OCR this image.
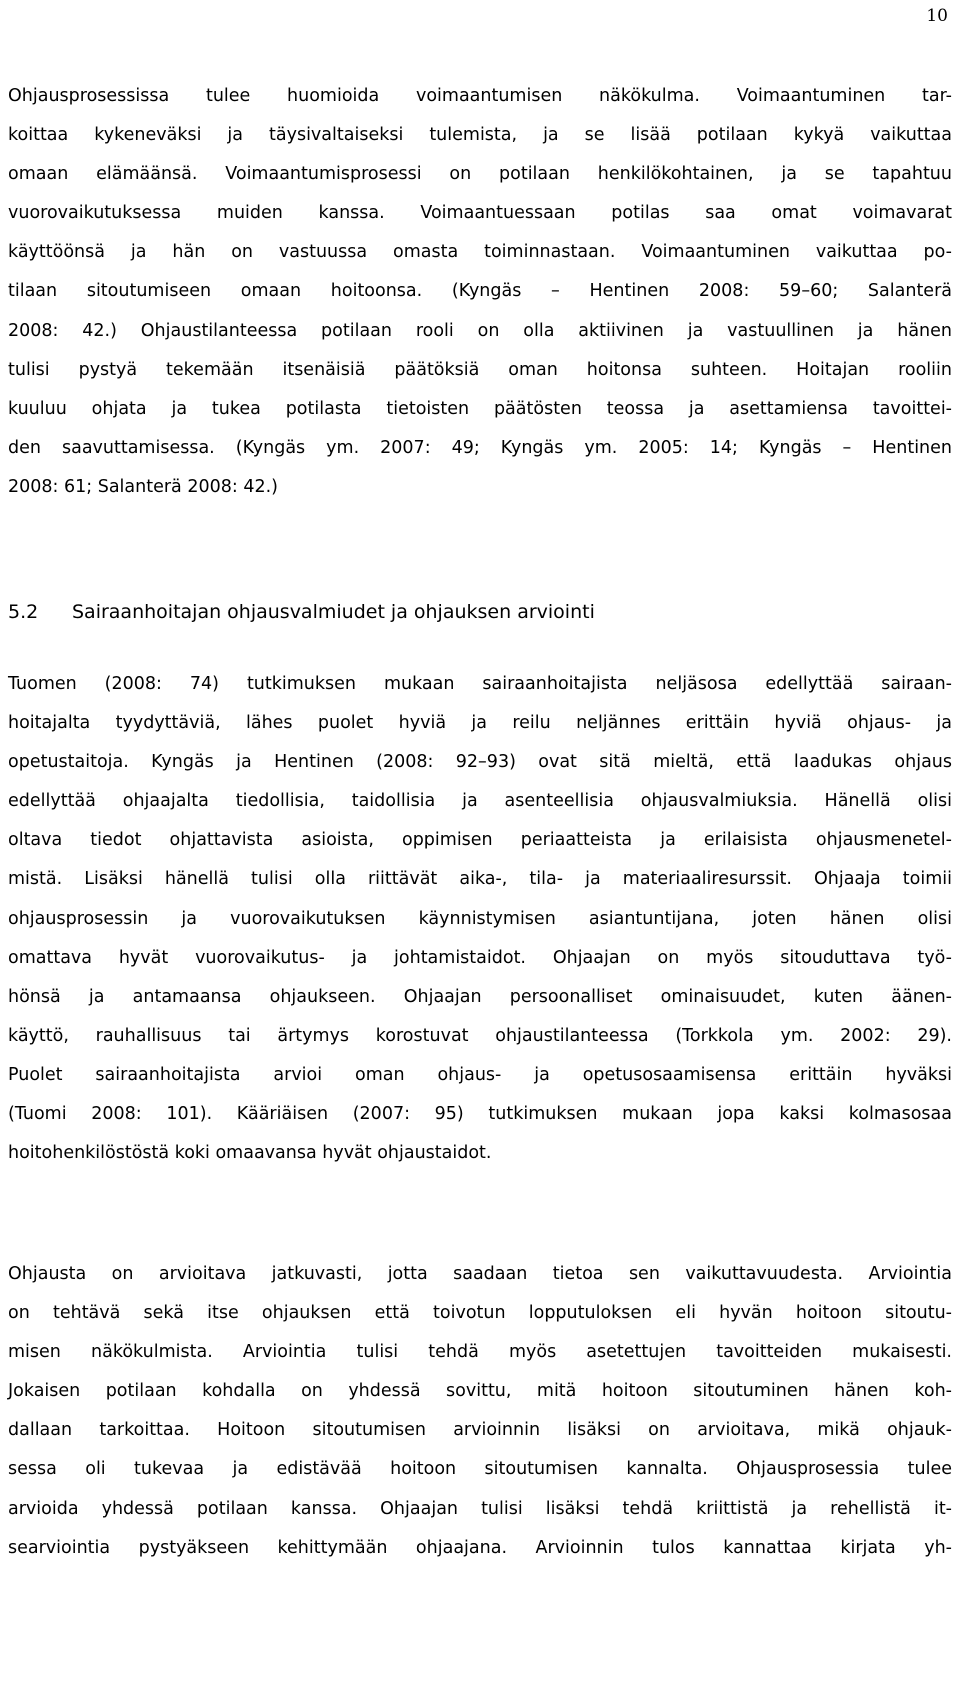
10
Ohjausprosessissa tulee huomioida voimaantumisen näkökulma. Voimaantuminen tar-
koittaa kykeneväksi ja täysivaltaiseksi tulemista, ja se lisää potilaan kykyä vaikuttaa
omaan elämäänsä. Voimaantumisprosessi on potilaan henkilökohtainen, ja se tapahtuu
vuorovaikutuksessa muiden kanssa. Voimaantuessaan potilas saa omat voimavarat
käyttöönsä ja hän on vastuussa omasta toiminnastaan. Voimaantuminen vaikuttaa po-
tilaan sitoutumiseen omaan hoitoonsa. (Kyngäs – Hentinen 2008: 59–60; Salanterä
2008: 42.) Ohjaustilanteessa potilaan rooli on olla aktiivinen ja vastuullinen ja hänen
tulisi pystyä tekemään itsenäisiä päätöksiä oman hoitonsa suhteen. Hoitajan rooliin
kuuluu ohjata ja tukea potilasta tietoisten päätösten teossa ja asettamiensa tavoittei-
den saavuttamisessa. (Kyngäs ym. 2007: 49; Kyngäs ym. 2005: 14; Kyngäs – Hentinen
2008: 61; Salanterä 2008: 42.)
5.2 Sairaanhoitajan ohjausvalmiudet ja ohjauksen arviointi
Tuomen (2008: 74) tutkimuksen mukaan sairaanhoitajista neljäsosa edellyttää sairaan-
hoitajalta tyydyttäviä, lähes puolet hyviä ja reilu neljännes erittäin hyviä ohjaus- ja
opetustaitoja. Kyngäs ja Hentinen (2008: 92–93) ovat sitä mieltä, että laadukas ohjaus
edellyttää ohjaajalta tiedollisia, taidollisia ja asenteellisia ohjausvalmiuksia. Hänellä olisi
oltava tiedot ohjattavista asioista, oppimisen periaatteista ja erilaisista ohjausmenetel-
mistä. Lisäksi hänellä tulisi olla riittävät aika-, tila- ja materiaaliresurssit. Ohjaaja toimii
ohjausprosessin ja vuorovaikutuksen käynnistymisen asiantuntijana, joten hänen olisi
omattava hyvät vuorovaikutus- ja johtamistaidot. Ohjaajan on myös sitouduttava työ-
hönsä ja antamaansa ohjaukseen. Ohjaajan persoonalliset ominaisuudet, kuten äänen-
käyttö, rauhallisuus tai ärtymys korostuvat ohjaustilanteessa (Torkkola ym. 2002: 29).
Puolet sairaanhoitajista arvioi oman ohjaus- ja opetusosaamisensa erittäin hyväksi
(Tuomi 2008: 101). Kääriäisen (2007: 95) tutkimuksen mukaan jopa kaksi kolmasosaa
hoitohenkilöstöstä koki omaavansa hyvät ohjaustaidot.
Ohjausta on arvioitava jatkuvasti, jotta saadaan tietoa sen vaikuttavuudesta. Arviointia
on tehtävä sekä itse ohjauksen että toivotun lopputuloksen eli hyvän hoitoon sitoutu-
misen näkökulmista. Arviointia tulisi tehdä myös asetettujen tavoitteiden mukaisesti.
Jokaisen potilaan kohdalla on yhdessä sovittu, mitä hoitoon sitoutuminen hänen koh-
dallaan tarkoittaa. Hoitoon sitoutumisen arvioinnin lisäksi on arvioitava, mikä ohjauk-
sessa oli tukevaa ja edistävää hoitoon sitoutumisen kannalta. Ohjausprosessia tulee
arvioida yhdessä potilaan kanssa. Ohjaajan tulisi lisäksi tehdä kriittistä ja rehellistä it-
searviointia pystyäkseen kehittymään ohjaajana. Arvioinnin tulos kannattaa kirjata yh-
